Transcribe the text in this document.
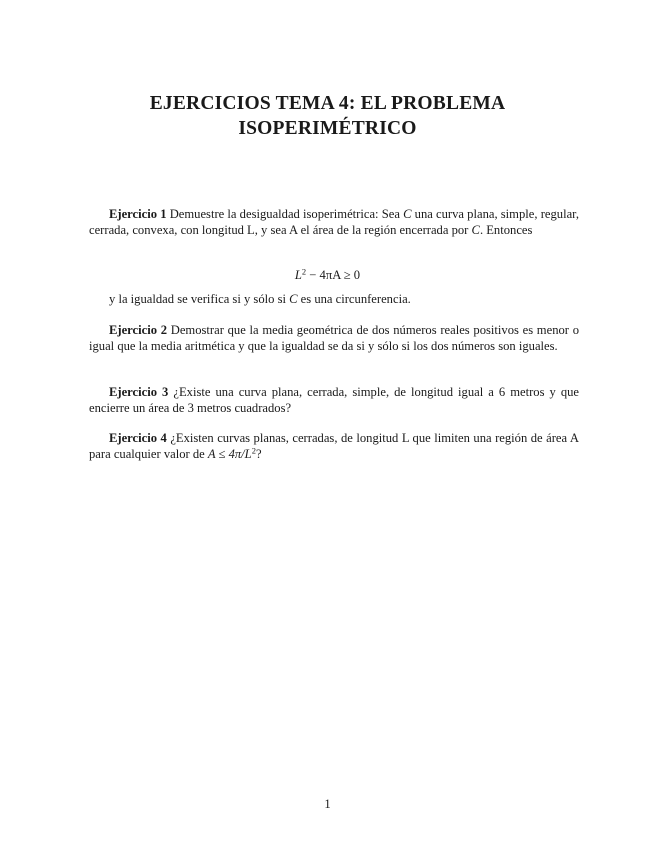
EJERCICIOS TEMA 4: EL PROBLEMA
ISOPERIMÉTRICO

Ejercicio 1 Demuestre la desigualdad isoperimétrica: Sea C una curva plana, simple, regular, cerrada, convexa, con longitud L, y sea A el área de la región encerrada por C. Entonces

$L^2 - 4\pi A \ge 0$

y la igualdad se verifica si y sólo si C es una circunferencia.

Ejercicio 2 Demostrar que la media geométrica de dos números reales positivos es menor o igual que la media aritmética y que la igualdad se da si y sólo si los dos números son iguales.

Ejercicio 3 ¿Existe una curva plana, cerrada, simple, de longitud igual a 6 metros y que encierre un área de 3 metros cuadrados?

Ejercicio 4 ¿Existen curvas planas, cerradas, de longitud L que limiten una región de área A para cualquier valor de $A \le 4\pi/L^2$?

1
